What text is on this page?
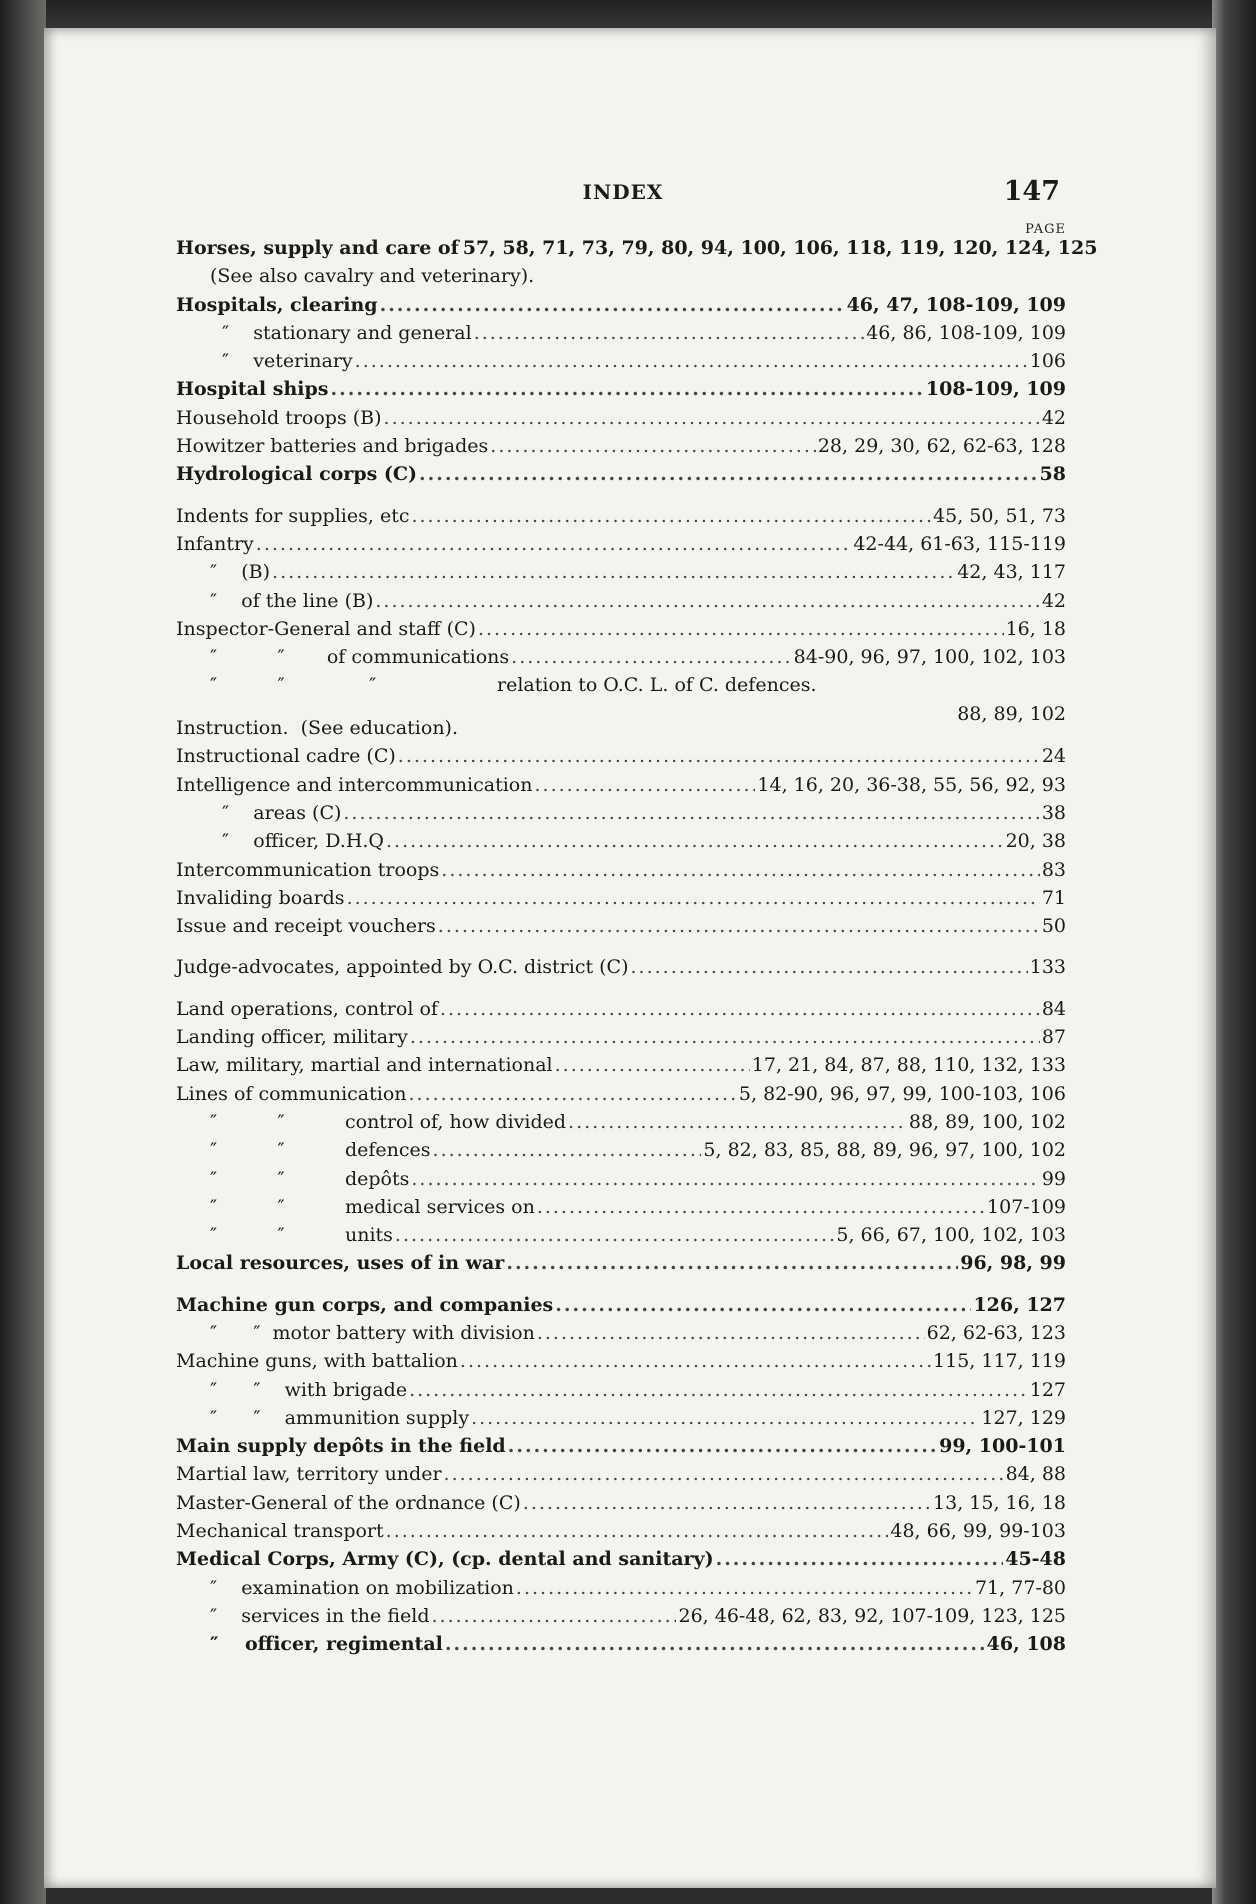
INDEX	147
PAGE
Horses, supply and care of 57, 58, 71, 73, 79, 80, 94, 100, 106, 118, 119, 120, 124, 125
(See also cavalry and veterinary).
Hospitals, clearing .....	46, 47, 108-109, 109
″    stationary and general .....	46, 86, 108-109, 109
″    veterinary .....	106
Hospital ships .....	108-109, 109
Household troops (B) .....	42
Howitzer batteries and brigades .....	28, 29, 30, 62, 62-63, 128
Hydrological corps (C) .....	58
Indents for supplies, etc .....	45, 50, 51, 73
Infantry .....	42-44, 61-63, 115-119
″    (B) .....	42, 43, 117
″    of the line (B) .....	42
Inspector-General and staff (C) .....	16, 18
″          ″       of communications .....	84-90, 96, 97, 100, 102, 103
″          ″              ″                    relation to O.C. L. of C. defences.
88, 89, 102
Instruction.  (See education).
Instructional cadre (C) .....	24
Intelligence and intercommunication .....	14, 16, 20, 36-38, 55, 56, 92, 93
″    areas (C) .....	38
″    officer, D.H.Q .....	20, 38
Intercommunication troops .....	83
Invaliding boards .....	71
Issue and receipt vouchers .....	50
Judge-advocates, appointed by O.C. district (C) .....	133
Land operations, control of .....	84
Landing officer, military .....	87
Law, military, martial and international .....	17, 21, 84, 87, 88, 110, 132, 133
Lines of communication .....	5, 82-90, 96, 97, 99, 100-103, 106
″          ″          control of, how divided .....	88, 89, 100, 102
″          ″          defences .....	5, 82, 83, 85, 88, 89, 96, 97, 100, 102
″          ″          depôts .....	99
″          ″          medical services on .....	107-109
″          ″          units .....	5, 66, 67, 100, 102, 103
Local resources, uses of in war .....	96, 98, 99
Machine gun corps, and companies .....	126, 127
″      ″  motor battery with division .....	62, 62-63, 123
Machine guns, with battalion .....	115, 117, 119
″      ″    with brigade .....	127
″      ″    ammunition supply .....	127, 129
Main supply depôts in the field .....	99, 100-101
Martial law, territory under .....	84, 88
Master-General of the ordnance (C) .....	13, 15, 16, 18
Mechanical transport .....	48, 66, 99, 99-103
Medical Corps, Army (C), (cp. dental and sanitary) .....	45-48
″    examination on mobilization .....	71, 77-80
″    services in the field .....	26, 46-48, 62, 83, 92, 107-109, 123, 125
″    officer, regimental .....	46, 108
